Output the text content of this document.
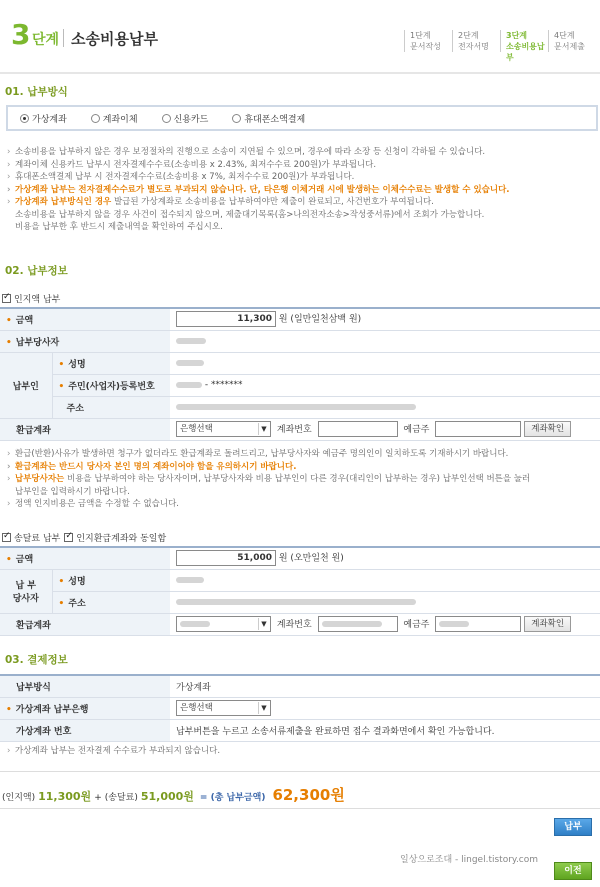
3 단계 소송비용납부	1단계
문서작성
2단계
전자서명
3단계
소송비용납부
4단계
문서제출
01. 납부방식
가상계좌	계좌이체	신용카드	휴대폰소액결제
› 소송비용을 납부하지 않은 경우 보정절차의 진행으로 소송이 지연될 수 있으며, 경우에 따라 소장 등 신청이 각하될 수 있습니다.
› 계좌이체 신용카드 납부시 전자결제수수료(소송비용 x 2.43%, 최저수수료 200원)가 부과됩니다.
› 휴대폰소액결제 납부 시 전자결제수수료(소송비용 x 7%, 최저수수료 200원)가 부과됩니다.
› 가상계좌 납부는 전자결제수수료가 별도로 부과되지 않습니다. 단, 타은행 이체거래 시에 발생하는 이체수수료는 발생할 수 있습니다.
› 가상계좌 납부방식인 경우 발급된 가상계좌로 소송비용을 납부하여야만 제출이 완료되고, 사건번호가 부여됩니다.
소송비용을 납부하지 않을 경우 사건이 접수되지 않으며, 제출대기목록(홈>나의전자소송>작성중서류)에서 조회가 가능합니다.
비용을 납부한 후 반드시 제출내역을 확인하여 주십시오.
02. 납부정보
✓
인지액 납부
• 금액		11,300 원 (일만일천삼백 원)
• 납부당사자		
납부인	• 성명	
	• 주민(사업자)등록번호	- *******
	주소	
환급계좌		은행선택 ▼ 계좌번호 예금주 계좌확인
› 환급(반환)사유가 발생하면 청구가 없더라도 환급계좌로 돌려드리고, 납부당사자와 예금주 명의인이 일치하도록 기재하시기 바랍니다.
› 환급계좌는 반드시 당사자 본인 명의 계좌이어야 함을 유의하시기 바랍니다.
› 납부당사자는 비용을 납부하여야 하는 당사자이며, 납부당사자와 비용 납부인이 다른 경우(대리인이 납부하는 경우) 납부인선택 버튼을 눌러
납부인을 입력하시기 바랍니다.
› 정액 인지비용은 금액을 수정할 수 없습니다.
✓
송달료 납부 ✓ 인지환급계좌와 동일함
• 금액		51,000 원 (오만일천 원)

납 부
당사자	• 성명	
	• 주소	
환급계좌		▼ 계좌번호 예금주 계좌확인
03. 결제정보
납부방식	가상계좌
• 가상계좌 납부은행	은행선택 ▼

가상계좌 번호	납부버튼을 누르고 소송서류제출을 완료하면 접수 결과화면에서 확인 가능합니다.
› 가상계좌 납부는 전자결제 수수료가 부과되지 않습니다.
(인지액) 11,300원 + (송달료) 51,000원 = (총 납부금액) 62,300원
납부
일상으로조대 - lingel.tistory.com
이전
